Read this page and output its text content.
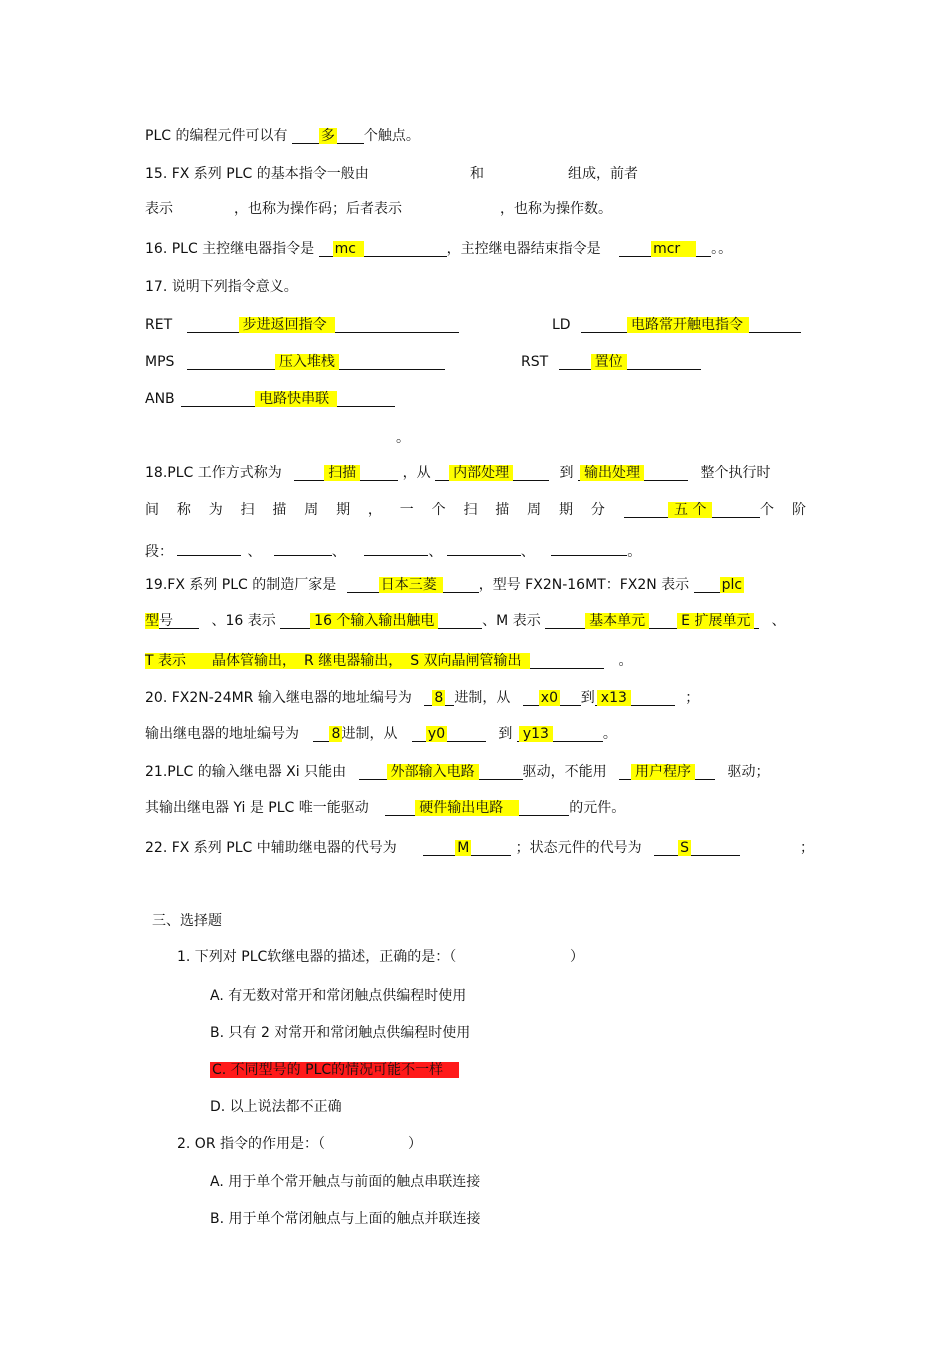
PLC 的编程元件可以有 多 个触点。
15. FX 系列 PLC 的基本指令一般由	和	组成，前者
表示	，也称为操作码；后者表示	，也称为操作数。
16. PLC 主控继电器指令是 mc	，主控继电器结束指令是	mcr 。。
17. 说明下列指令意义。
RET	步进返回指令	LD	电路常开触电指令
MPS	压入堆栈	RST	置位
ANB	电路快串联
。
18.PLC 工作方式称为	扫描	，从 内部处理	到 输出处理	整个执行时
间 称 为 扫 描 周 期 ， 一 个 扫 描 周 期 分	五 个	个 阶
段：	、	、	、	、	。
19.FX 系列 PLC 的制造厂家是	日本三菱	，型号 FX2N-16MT：FX2N 表示 plc
型号	、16 表示	16 个输入输出触电	、M 表示	基本单元	E 扩展单元 、
T 表示 晶体管输出， R 继电器输出， S 双向晶闸管输出	。
20. FX2N-24MR 输入继电器的地址编号为 8 进制，从 x0 到 x13	；
输出继电器的地址编号为 8进制，从 y0	到 y13	。
21.PLC 的输入继电器 Xi 只能由	外部输入电路	驱动，不能用 用户程序	驱动；
其输出继电器 Yi 是 PLC 唯一能驱动	硬件输出电路	的元件。
22. FX 系列 PLC 中辅助继电器的代号为	M	；状态元件的代号为	S	；
三、选择题
1. 下列对 PLC软继电器的描述，正确的是：（	）
A. 有无数对常开和常闭触点供编程时使用
B. 只有 2 对常开和常闭触点供编程时使用
C. 不同型号的 PLC的情况可能不一样
D. 以上说法都不正确
2. OR 指令的作用是：（	）
A. 用于单个常开触点与前面的触点串联连接
B. 用于单个常闭触点与上面的触点并联连接
